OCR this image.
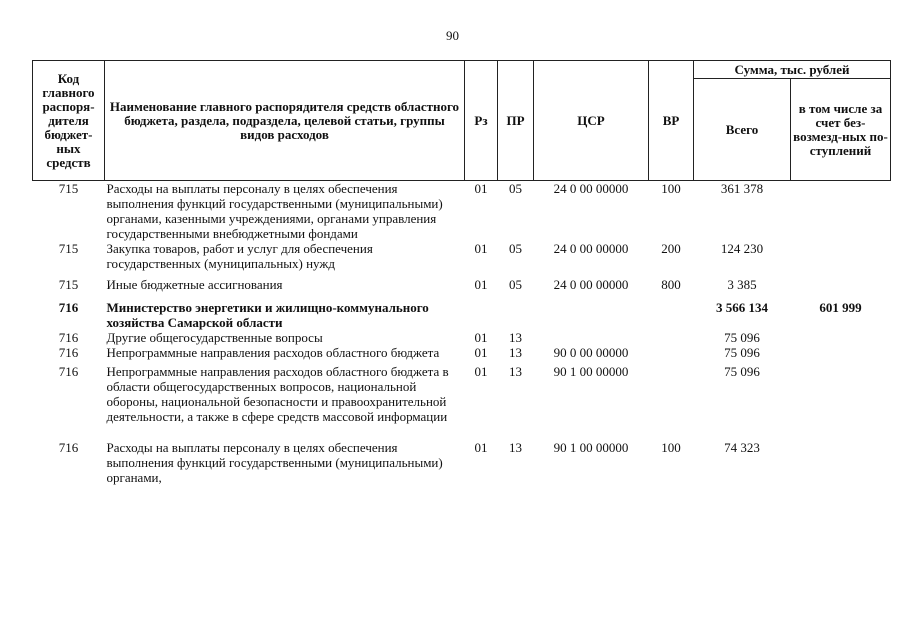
90
Код главного распоря-дителя бюджет-ных средств	Наименование главного распорядителя средств областного бюджета, раздела, подраздела, целевой статьи, группы видов расходов	Рз	ПР	ЦСР	ВР	Сумма, тыс. рублей	
						Всего	в том числе за счет без-возмезд-ных по-ступлений
715	Расходы на выплаты персоналу в целях обеспечения выполнения функций государственными (муниципальными) органами, казенными учреждениями, органами управления государственными внебюджетными фондами	01	05	24 0 00 00000	100	361 378	
715	Закупка товаров, работ и услуг для обеспечения государственных (муниципальных) нужд	01	05	24 0 00 00000	200	124 230	
715	Иные бюджетные ассигнования	01	05	24 0 00 00000	800	3 385	
716	Министерство энергетики и жилищно-коммунального хозяйства Самарской области					3 566 134	601 999
716	Другие общегосударственные вопросы	01	13			75 096	
716	Непрограммные направления расходов областного бюджета	01	13	90 0 00 00000		75 096	
716	Непрограммные направления расходов областного бюджета в области общегосударственных вопросов, национальной обороны, национальной безопасности и правоохранительной деятельности, а также в сфере средств массовой информации	01	13	90 1 00 00000		75 096	
716	Расходы на выплаты персоналу в целях обеспечения выполнения функций государственными (муниципальными) органами,	01	13	90 1 00 00000	100	74 323	
